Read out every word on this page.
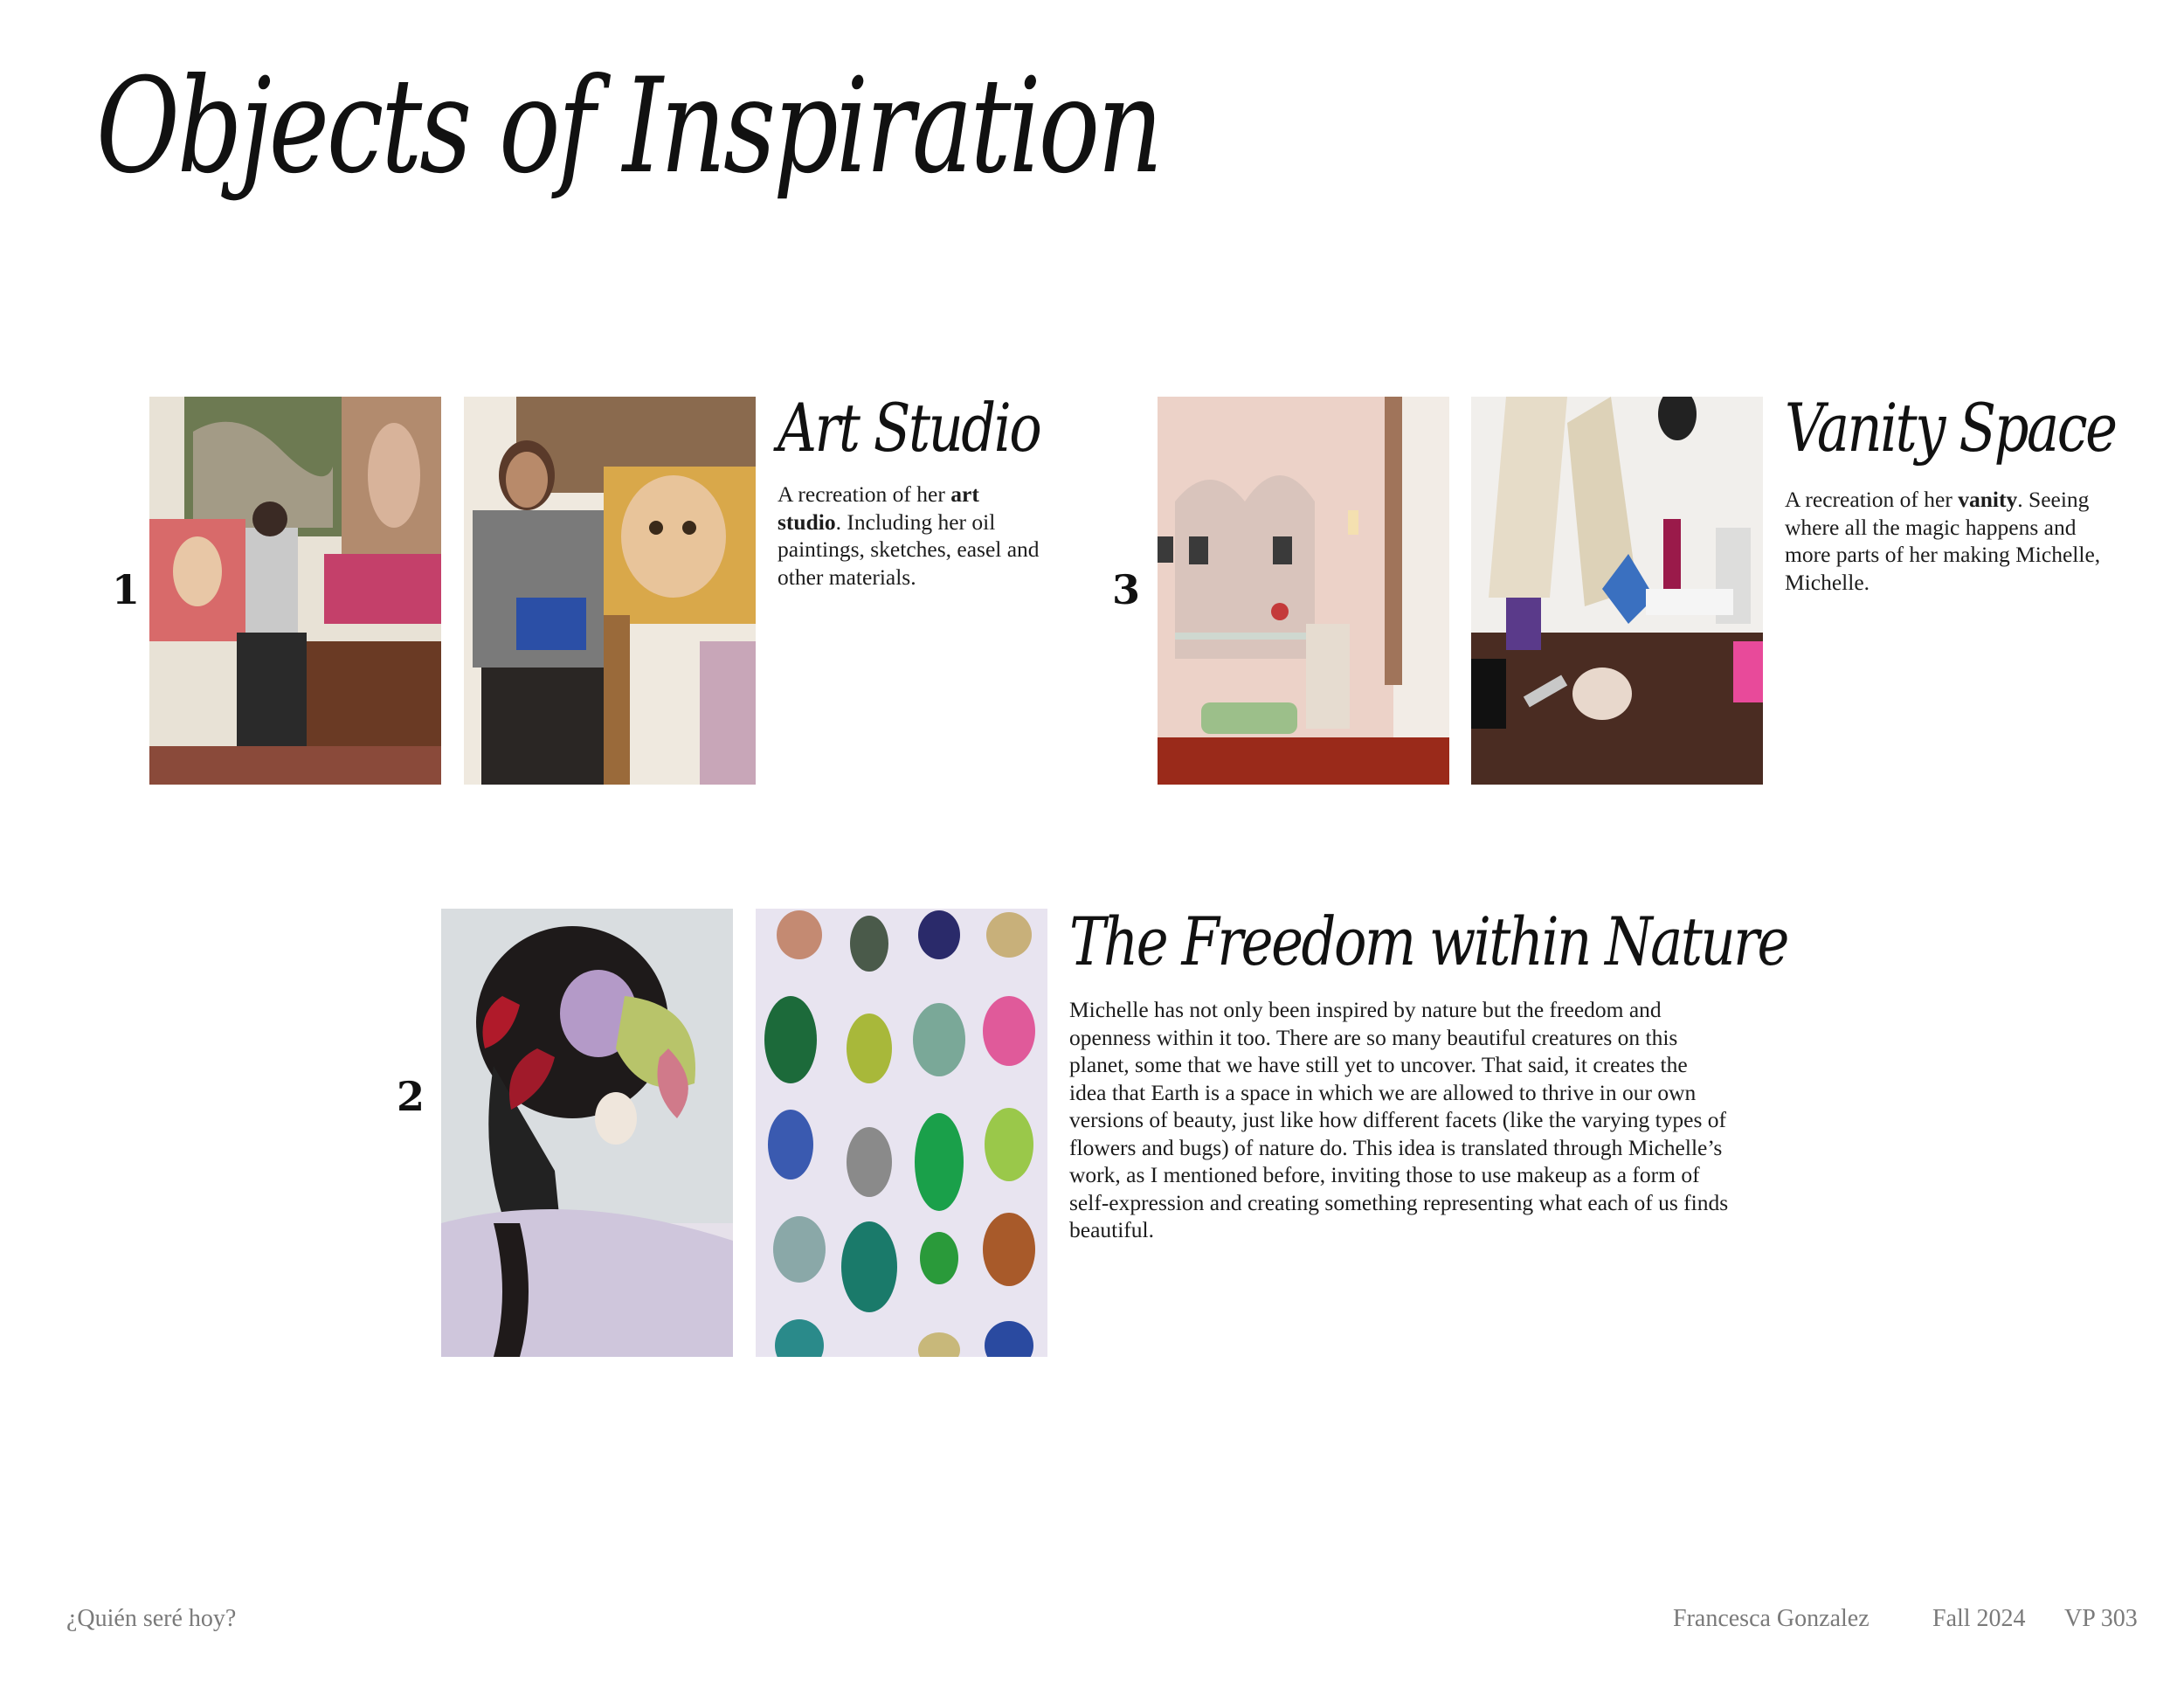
Objects of Inspiration
1
Art Studio
A recreation of her art studio. Including her oil paintings, sketches, easel and other materials.	3
Vanity Space
A recreation of her vanity. Seeing where all the magic happens and more parts of her making Michelle, Michelle.
2
The Freedom within Nature
Michelle has not only been inspired by nature but the freedom and openness within it too. There are so many beautiful creatures on this planet, some that we have still yet to uncover. That said, it creates the idea that Earth is a space in which we are allowed to thrive in our own versions of beauty, just like how different facets (like the varying types of flowers and bugs) of nature do. This idea is translated through Michelle’s work, as I mentioned before, inviting those to use makeup as a form of self-expression and creating something representing what each of us finds beautiful.
¿Quién seré hoy?	Francesca Gonzalez	Fall 2024 VP 303
